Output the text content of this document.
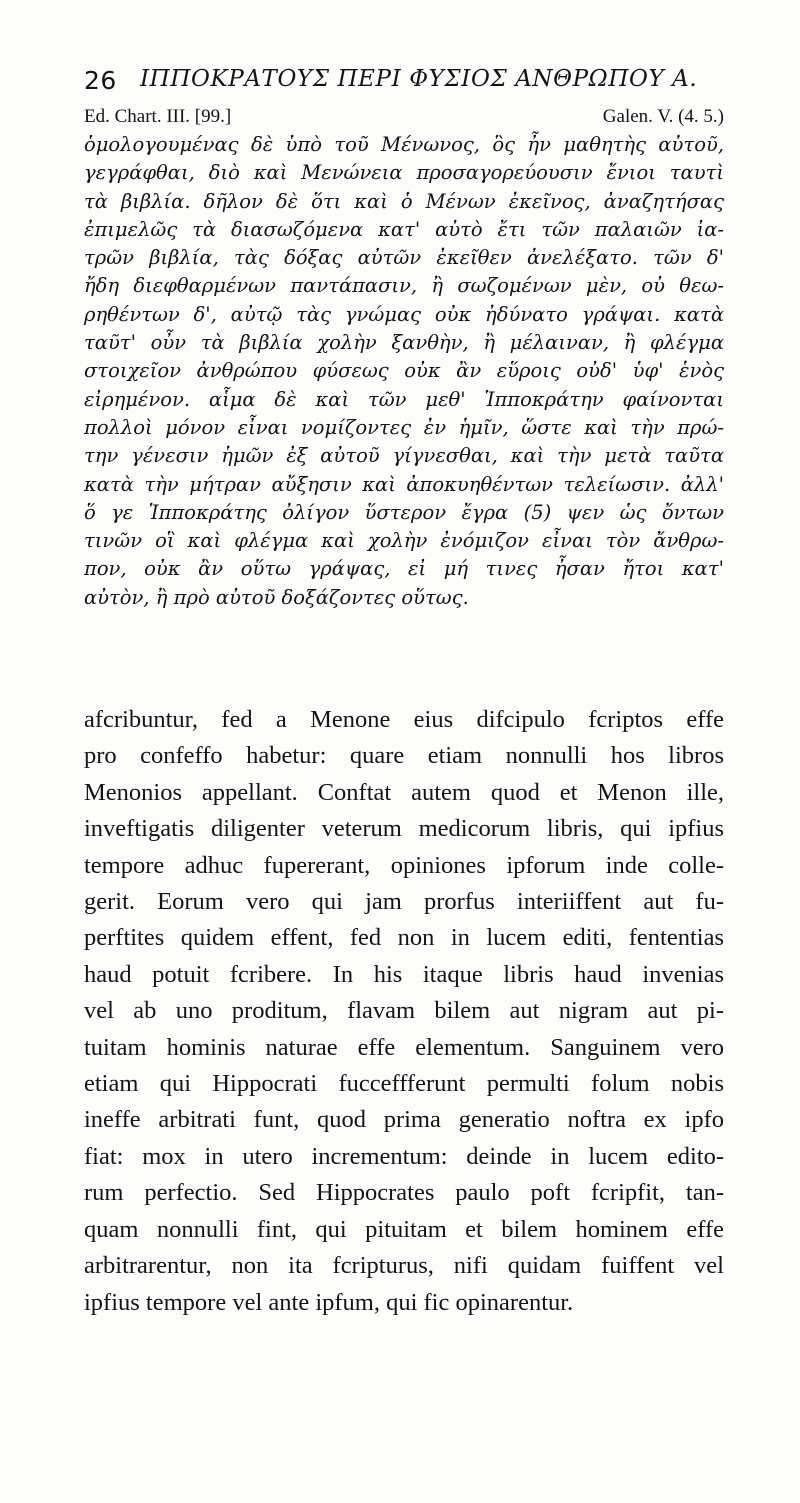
26 ΙΠΠΟΚΡΑΤΟΥΣ ΠΕΡΙ ΦΥΣΙΟΣ ΑΝΘΡΩΠΟΥ Α.
Ed. Chart. III. [99.]	Galen. V. (4. 5.)
ὁμολογουμένας δὲ ὑπὸ τοῦ Μένωνος, ὃς ἦν μαθητὴς αὐτοῦ,
γεγράφθαι, διὸ καὶ Μενώνεια προσαγορεύουσιν ἔνιοι ταυτὶ
τὰ βιβλία. δῆλον δὲ ὅτι καὶ ὁ Μένων ἐκεῖνος, ἀναζητήσας
ἐπιμελῶς τὰ διασωζόμενα κατ' αὐτὸ ἔτι τῶν παλαιῶν ἰα-
τρῶν βιβλία, τὰς δόξας αὐτῶν ἐκεῖθεν ἀνελέξατο. τῶν δ'
ἤδη διεφθαρμένων παντάπασιν, ἢ σωζομένων μὲν, οὐ θεω-
ρηθέντων δ', αὐτῷ τὰς γνώμας οὐκ ἠδύνατο γράψαι. κατὰ
ταῦτ' οὖν τὰ βιβλία χολὴν ξανθὴν, ἢ μέλαιναν, ἢ φλέγμα
στοιχεῖον ἀνθρώπου φύσεως οὐκ ἂν εὕροις οὐδ' ὑφ' ἑνὸς
εἰρημένον. αἷμα δὲ καὶ τῶν μεθ' Ἱπποκράτην φαίνονται
πολλοὶ μόνον εἶναι νομίζοντες ἐν ἡμῖν, ὥστε καὶ τὴν πρώ-
την γένεσιν ἡμῶν ἐξ αὐτοῦ γίγνεσθαι, καὶ τὴν μετὰ ταῦτα
κατὰ τὴν μήτραν αὔξησιν καὶ ἀποκυηθέντων τελείωσιν. ἀλλ'
ὅ γε Ἱπποκράτης ὀλίγον ὕστερον ἔγρα (5) ψεν ὡς ὄντων
τινῶν οἳ καὶ φλέγμα καὶ χολὴν ἐνόμιζον εἶναι τὸν ἄνθρω-
πον, οὐκ ἂν οὕτω γράψας, εἰ μή τινες ἦσαν ἤτοι κατ'
αὐτὸν, ἢ πρὸ αὐτοῦ δοξάζοντες οὕτως.
afcribuntur, fed a Menone eius difcipulo fcriptos effe
pro confeffo habetur: quare etiam nonnulli hos libros
Menonios appellant. Conftat autem quod et Menon ille,
inveftigatis diligenter veterum medicorum libris, qui ipfius
tempore adhuc fupererant, opiniones ipforum inde colle-
gerit. Eorum vero qui jam prorfus interiiffent aut fu-
perftites quidem effent, fed non in lucem editi, fententias
haud potuit fcribere. In his itaque libris haud invenias
vel ab uno proditum, flavam bilem aut nigram aut pi-
tuitam hominis naturae effe elementum. Sanguinem vero
etiam qui Hippocrati fucceffferunt permulti folum nobis
ineffe arbitrati funt, quod prima generatio noftra ex ipfo
fiat: mox in utero incrementum: deinde in lucem edito-
rum perfectio. Sed Hippocrates paulo poft fcripfit, tan-
quam nonnulli fint, qui pituitam et bilem hominem effe
arbitrarentur, non ita fcripturus, nifi quidam fuiffent vel
ipfius tempore vel ante ipfum, qui fic opinarentur.
